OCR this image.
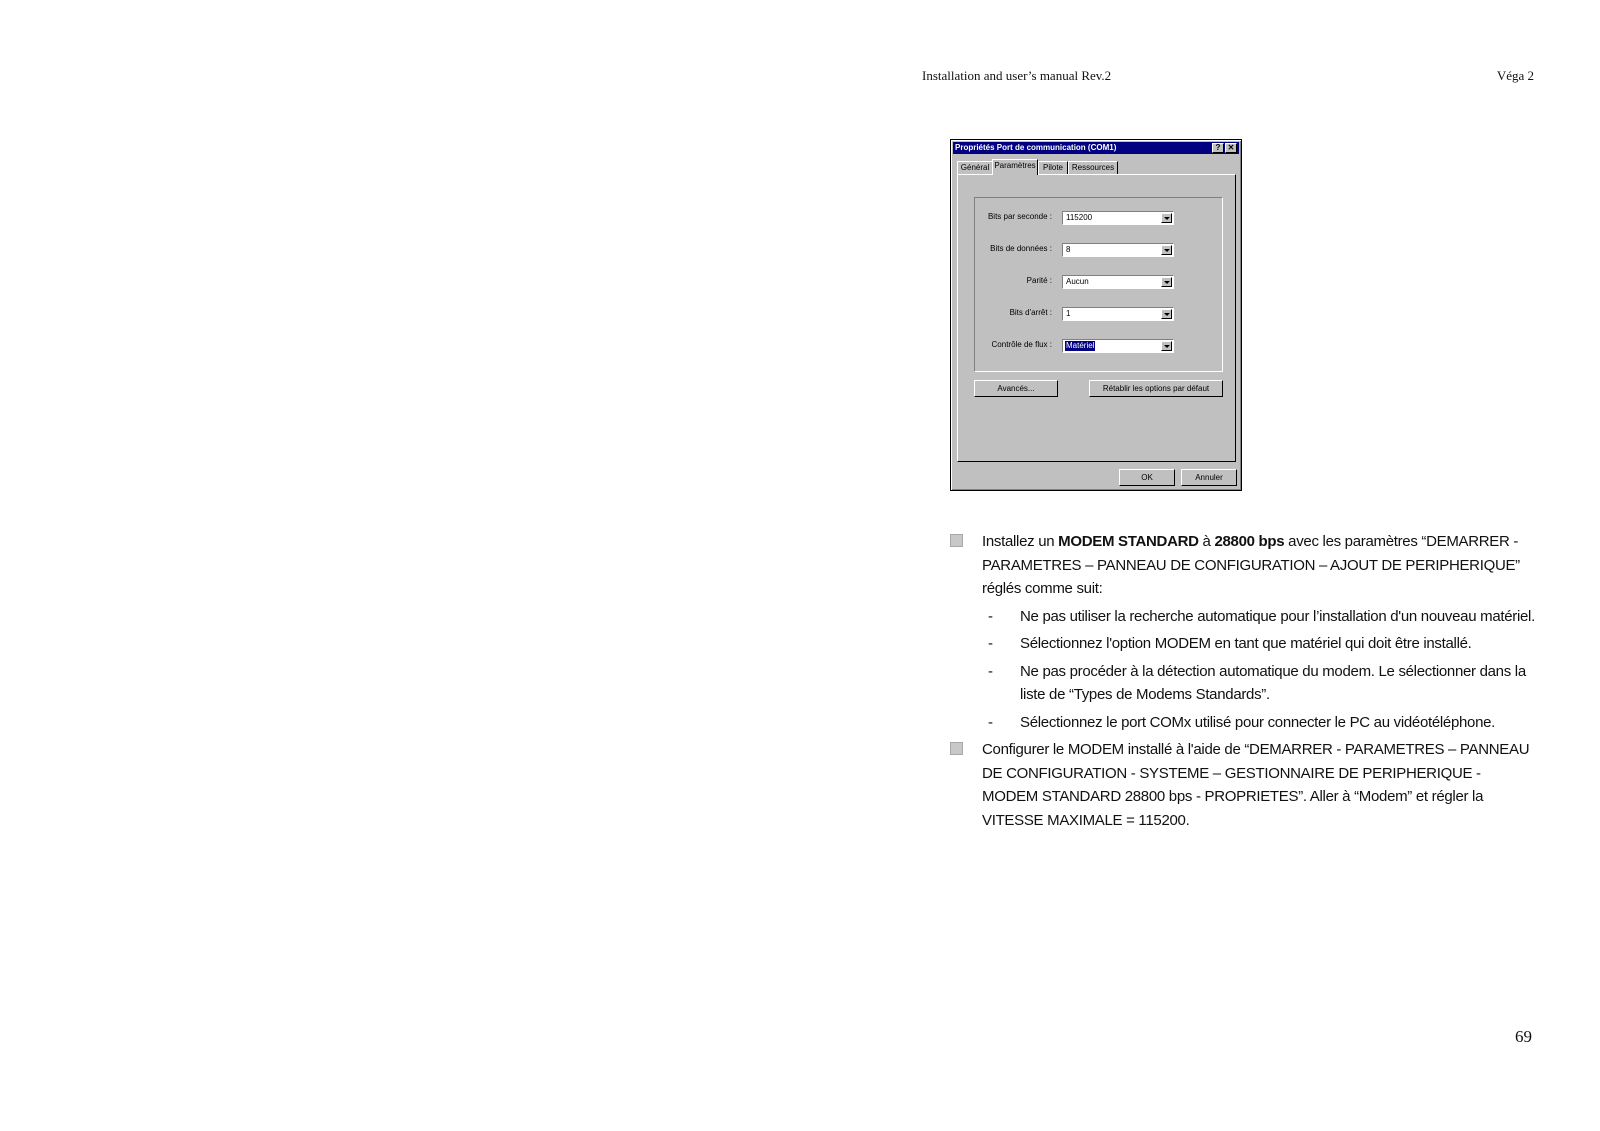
Installation and user’s manual Rev.2	Véga 2
Propriétés Port de communication (COM1)	? ✕
Général Paramètres Pilote	Ressources
Bits par seconde : 115200
Bits de données : 8
Parité : Aucun
Bits d'arrêt : 1
Contrôle de flux : Matériel
Avancés...	Rétablir les options par défaut
OK	Annuler

Installez un MODEM STANDARD à 28800 bps avec les paramètres “DEMARRER - PARAMETRES – PANNEAU DE CONFIGURATION – AJOUT DE PERIPHERIQUE” réglés comme suit:

- Ne pas utiliser la recherche automatique pour l’installation d'un nouveau matériel.

- Sélectionnez l'option MODEM en tant que matériel qui doit être installé.

- Ne pas procéder à la détection automatique du modem. Le sélectionner dans la liste de “Types de Modems Standards”.

- Sélectionnez le port COMx utilisé pour connecter le PC au vidéotéléphone.

Configurer le MODEM installé à l'aide de “DEMARRER - PARAMETRES – PANNEAU DE CONFIGURATION - SYSTEME – GESTIONNAIRE DE PERIPHERIQUE - MODEM STANDARD 28800 bps - PROPRIETES”. Aller à “Modem” et régler la VITESSE MAXIMALE = 115200.

69
